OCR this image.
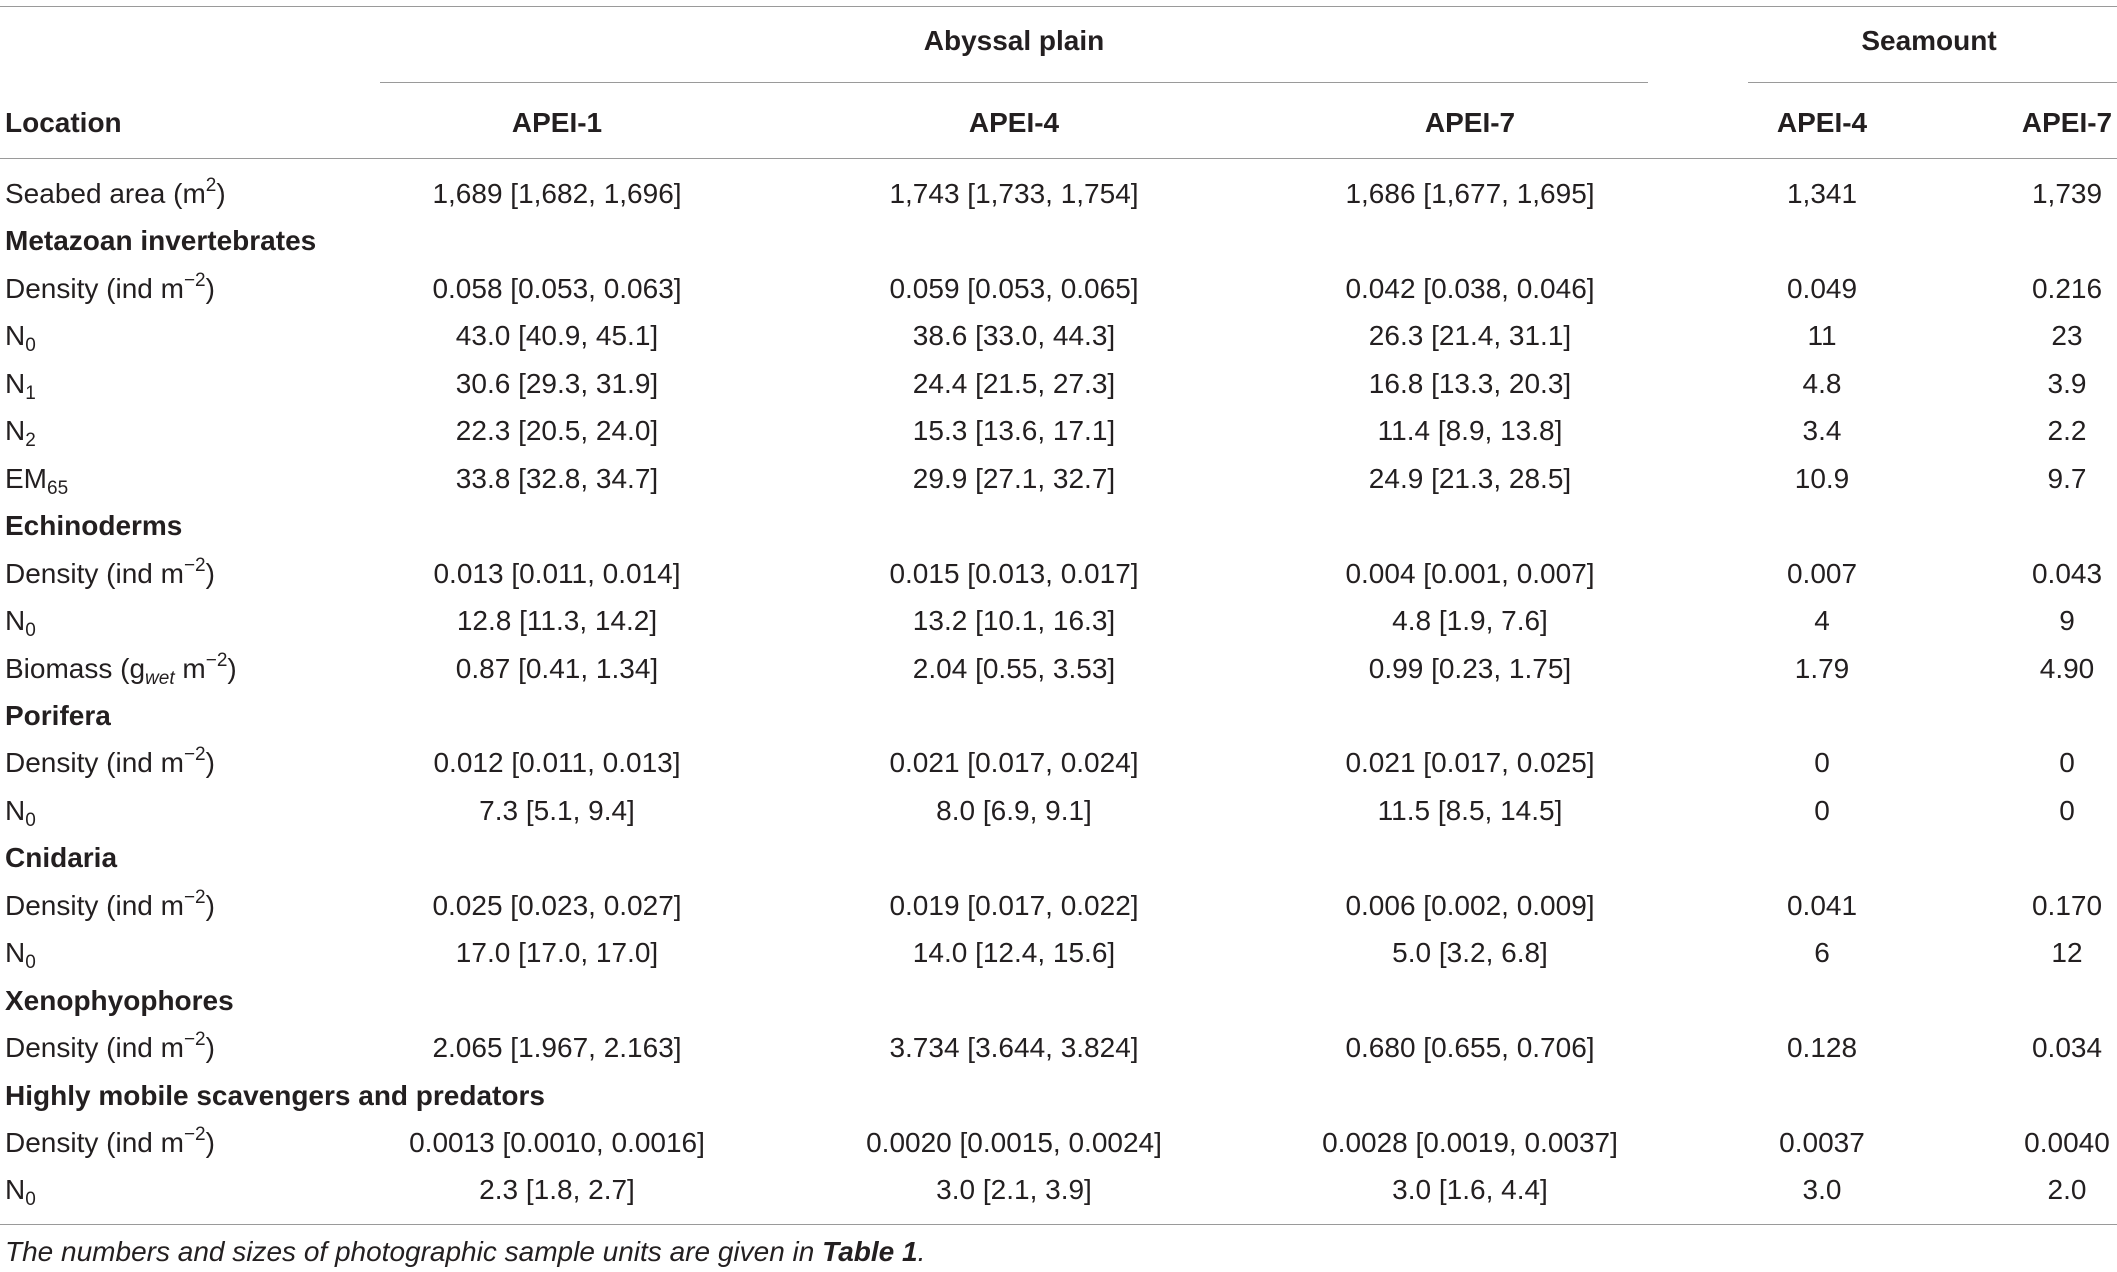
Abyssal plain	Seamount
Location	APEI-1	APEI-4	APEI-7	APEI-4	APEI-7
Seabed area $(m^2)$	1,689 [1,682, 1,696]	1,743 [1,733, 1,754]	1,686 [1,677, 1,695]	1,341	1,739
Metazoan invertebrates
Density (ind $m^{-2}$)	0.058 [0.053, 0.063]	0.059 [0.053, 0.065]	0.042 [0.038, 0.046]	0.049	0.216
$N_0$	43.0 [40.9, 45.1]	38.6 [33.0, 44.3]	26.3 [21.4, 31.1]	11	23
$N_1$	30.6 [29.3, 31.9]	24.4 [21.5, 27.3]	16.8 [13.3, 20.3]	4.8	3.9
$N_2$	22.3 [20.5, 24.0]	15.3 [13.6, 17.1]	11.4 [8.9, 13.8]	3.4	2.2
$EM_{65}$	33.8 [32.8, 34.7]	29.9 [27.1, 32.7]	24.9 [21.3, 28.5]	10.9	9.7
Echinoderms
Density (ind $m^{-2}$)	0.013 [0.011, 0.014]	0.015 [0.013, 0.017]	0.004 [0.001, 0.007]	0.007	0.043
$N_0$	12.8 [11.3, 14.2]	13.2 [10.1, 16.3]	4.8 [1.9, 7.6]	4	9
Biomass ($g_{wet}$ $m^{-2}$)	0.87 [0.41, 1.34]	2.04 [0.55, 3.53]	0.99 [0.23, 1.75]	1.79	4.90
Porifera
Density (ind $m^{-2}$)	0.012 [0.011, 0.013]	0.021 [0.017, 0.024]	0.021 [0.017, 0.025]	0	0
$N_0$	7.3 [5.1, 9.4]	8.0 [6.9, 9.1]	11.5 [8.5, 14.5]	0	0
Cnidaria
Density (ind $m^{-2}$)	0.025 [0.023, 0.027]	0.019 [0.017, 0.022]	0.006 [0.002, 0.009]	0.041	0.170
$N_0$	17.0 [17.0, 17.0]	14.0 [12.4, 15.6]	5.0 [3.2, 6.8]	6	12
Xenophyophores
Density (ind $m^{-2}$)	2.065 [1.967, 2.163]	3.734 [3.644, 3.824]	0.680 [0.655, 0.706]	0.128	0.034
Highly mobile scavengers and predators
Density (ind $m^{-2}$)	0.0013 [0.0010, 0.0016]	0.0020 [0.0015, 0.0024]	0.0028 [0.0019, 0.0037]	0.0037	0.0040
$N_0$	2.3 [1.8, 2.7]	3.0 [2.1, 3.9]	3.0 [1.6, 4.4]	3.0	2.0
The numbers and sizes of photographic sample units are given in Table 1.
